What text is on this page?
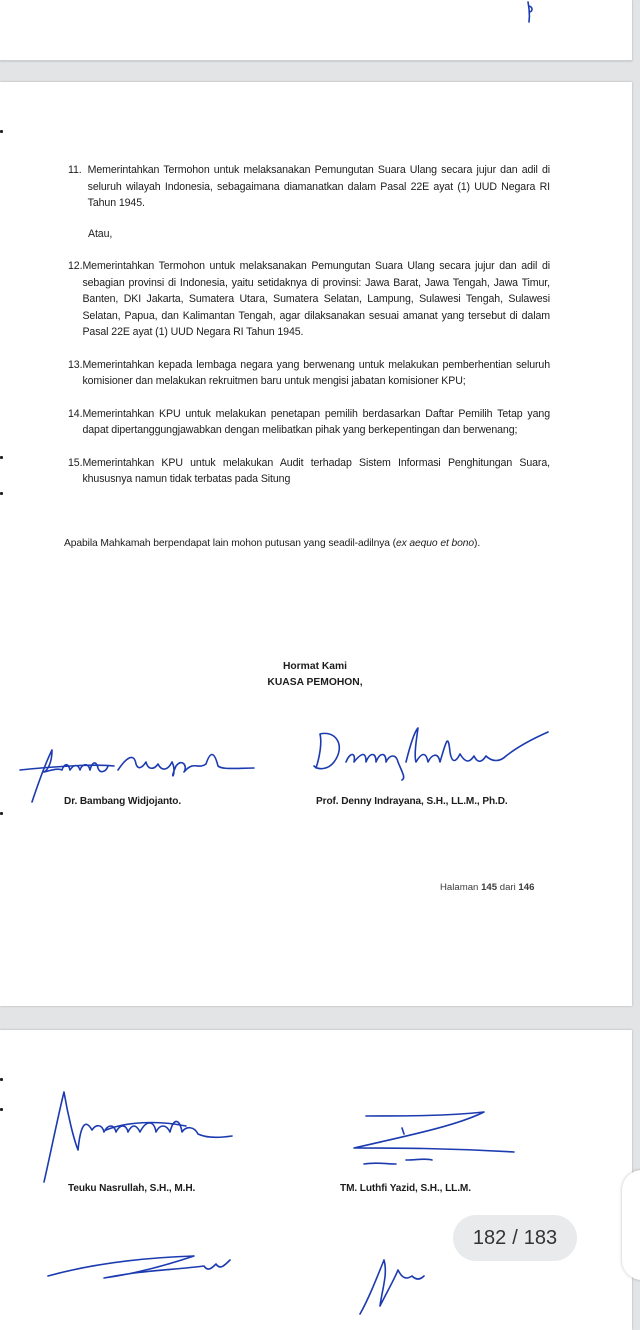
11. Memerintahkan Termohon untuk melaksanakan Pemungutan Suara Ulang secara jujur dan adil di seluruh wilayah Indonesia, sebagaimana diamanatkan dalam Pasal 22E ayat (1) UUD Negara RI Tahun 1945.
Atau,
12. Memerintahkan Termohon untuk melaksanakan Pemungutan Suara Ulang secara jujur dan adil di sebagian provinsi di Indonesia, yaitu setidaknya di provinsi: Jawa Barat, Jawa Tengah, Jawa Timur, Banten, DKI Jakarta, Sumatera Utara, Sumatera Selatan, Lampung, Sulawesi Tengah, Sulawesi Selatan, Papua, dan Kalimantan Tengah, agar dilaksanakan sesuai amanat yang tersebut di dalam Pasal 22E ayat (1) UUD Negara RI Tahun 1945.
13. Memerintahkan kepada lembaga negara yang berwenang untuk melakukan pemberhentian seluruh komisioner dan melakukan rekruitmen baru untuk mengisi jabatan komisioner KPU;
14. Memerintahkan KPU untuk melakukan penetapan pemilih berdasarkan Daftar Pemilih Tetap yang dapat dipertanggungjawabkan dengan melibatkan pihak yang berkepentingan dan berwenang;
15. Memerintahkan KPU untuk melakukan Audit terhadap Sistem Informasi Penghitungan Suara, khususnya namun tidak terbatas pada Situng
Apabila Mahkamah berpendapat lain mohon putusan yang seadil-adilnya (ex aequo et bono).
Hormat Kami
KUASA PEMOHON,
Dr. Bambang Widjojanto.	Prof. Denny Indrayana, S.H., LL.M., Ph.D.
Halaman 145 dari 146
Teuku Nasrullah, S.H., M.H.	TM. Luthfi Yazid, S.H., LL.M.
182 / 183
